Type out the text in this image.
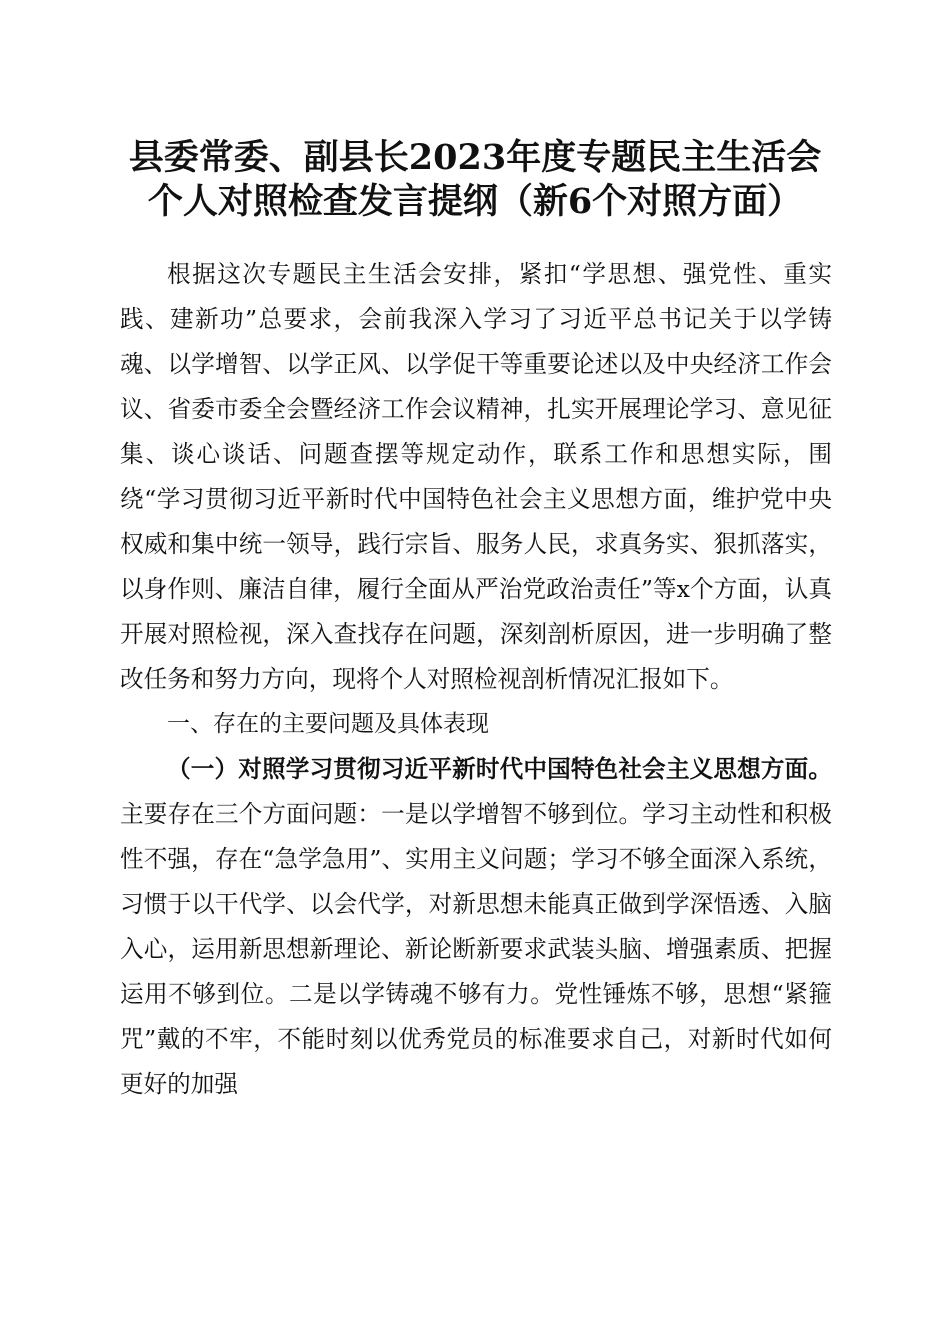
县委常委、副县长2023年度专题民主生活会
个人对照检查发言提纲（新6个对照方面）

根据这次专题民主生活会安排，紧扣“学思想、强党性、重实践、建新功”总要求，会前我深入学习了习近平总书记关于以学铸魂、以学增智、以学正风、以学促干等重要论述以及中央经济工作会议、省委市委全会暨经济工作会议精神，扎实开展理论学习、意见征集、谈心谈话、问题查摆等规定动作，联系工作和思想实际，围绕“学习贯彻习近平新时代中国特色社会主义思想方面，维护党中央权威和集中统一领导，践行宗旨、服务人民，求真务实、狠抓落实，以身作则、廉洁自律，履行全面从严治党政治责任”等x个方面，认真开展对照检视，深入查找存在问题，深刻剖析原因，进一步明确了整改任务和努力方向，现将个人对照检视剖析情况汇报如下。

一、存在的主要问题及具体表现

（一）对照学习贯彻习近平新时代中国特色社会主义思想方面。主要存在三个方面问题：一是以学增智不够到位。学习主动性和积极性不强，存在“急学急用”、实用主义问题；学习不够全面深入系统，习惯于以干代学、以会代学，对新思想未能真正做到学深悟透、入脑入心，运用新思想新理论、新论断新要求武装头脑、增强素质、把握运用不够到位。二是以学铸魂不够有力。党性锤炼不够，思想“紧箍咒”戴的不牢，不能时刻以优秀党员的标准要求自己，对新时代如何更好的加强
